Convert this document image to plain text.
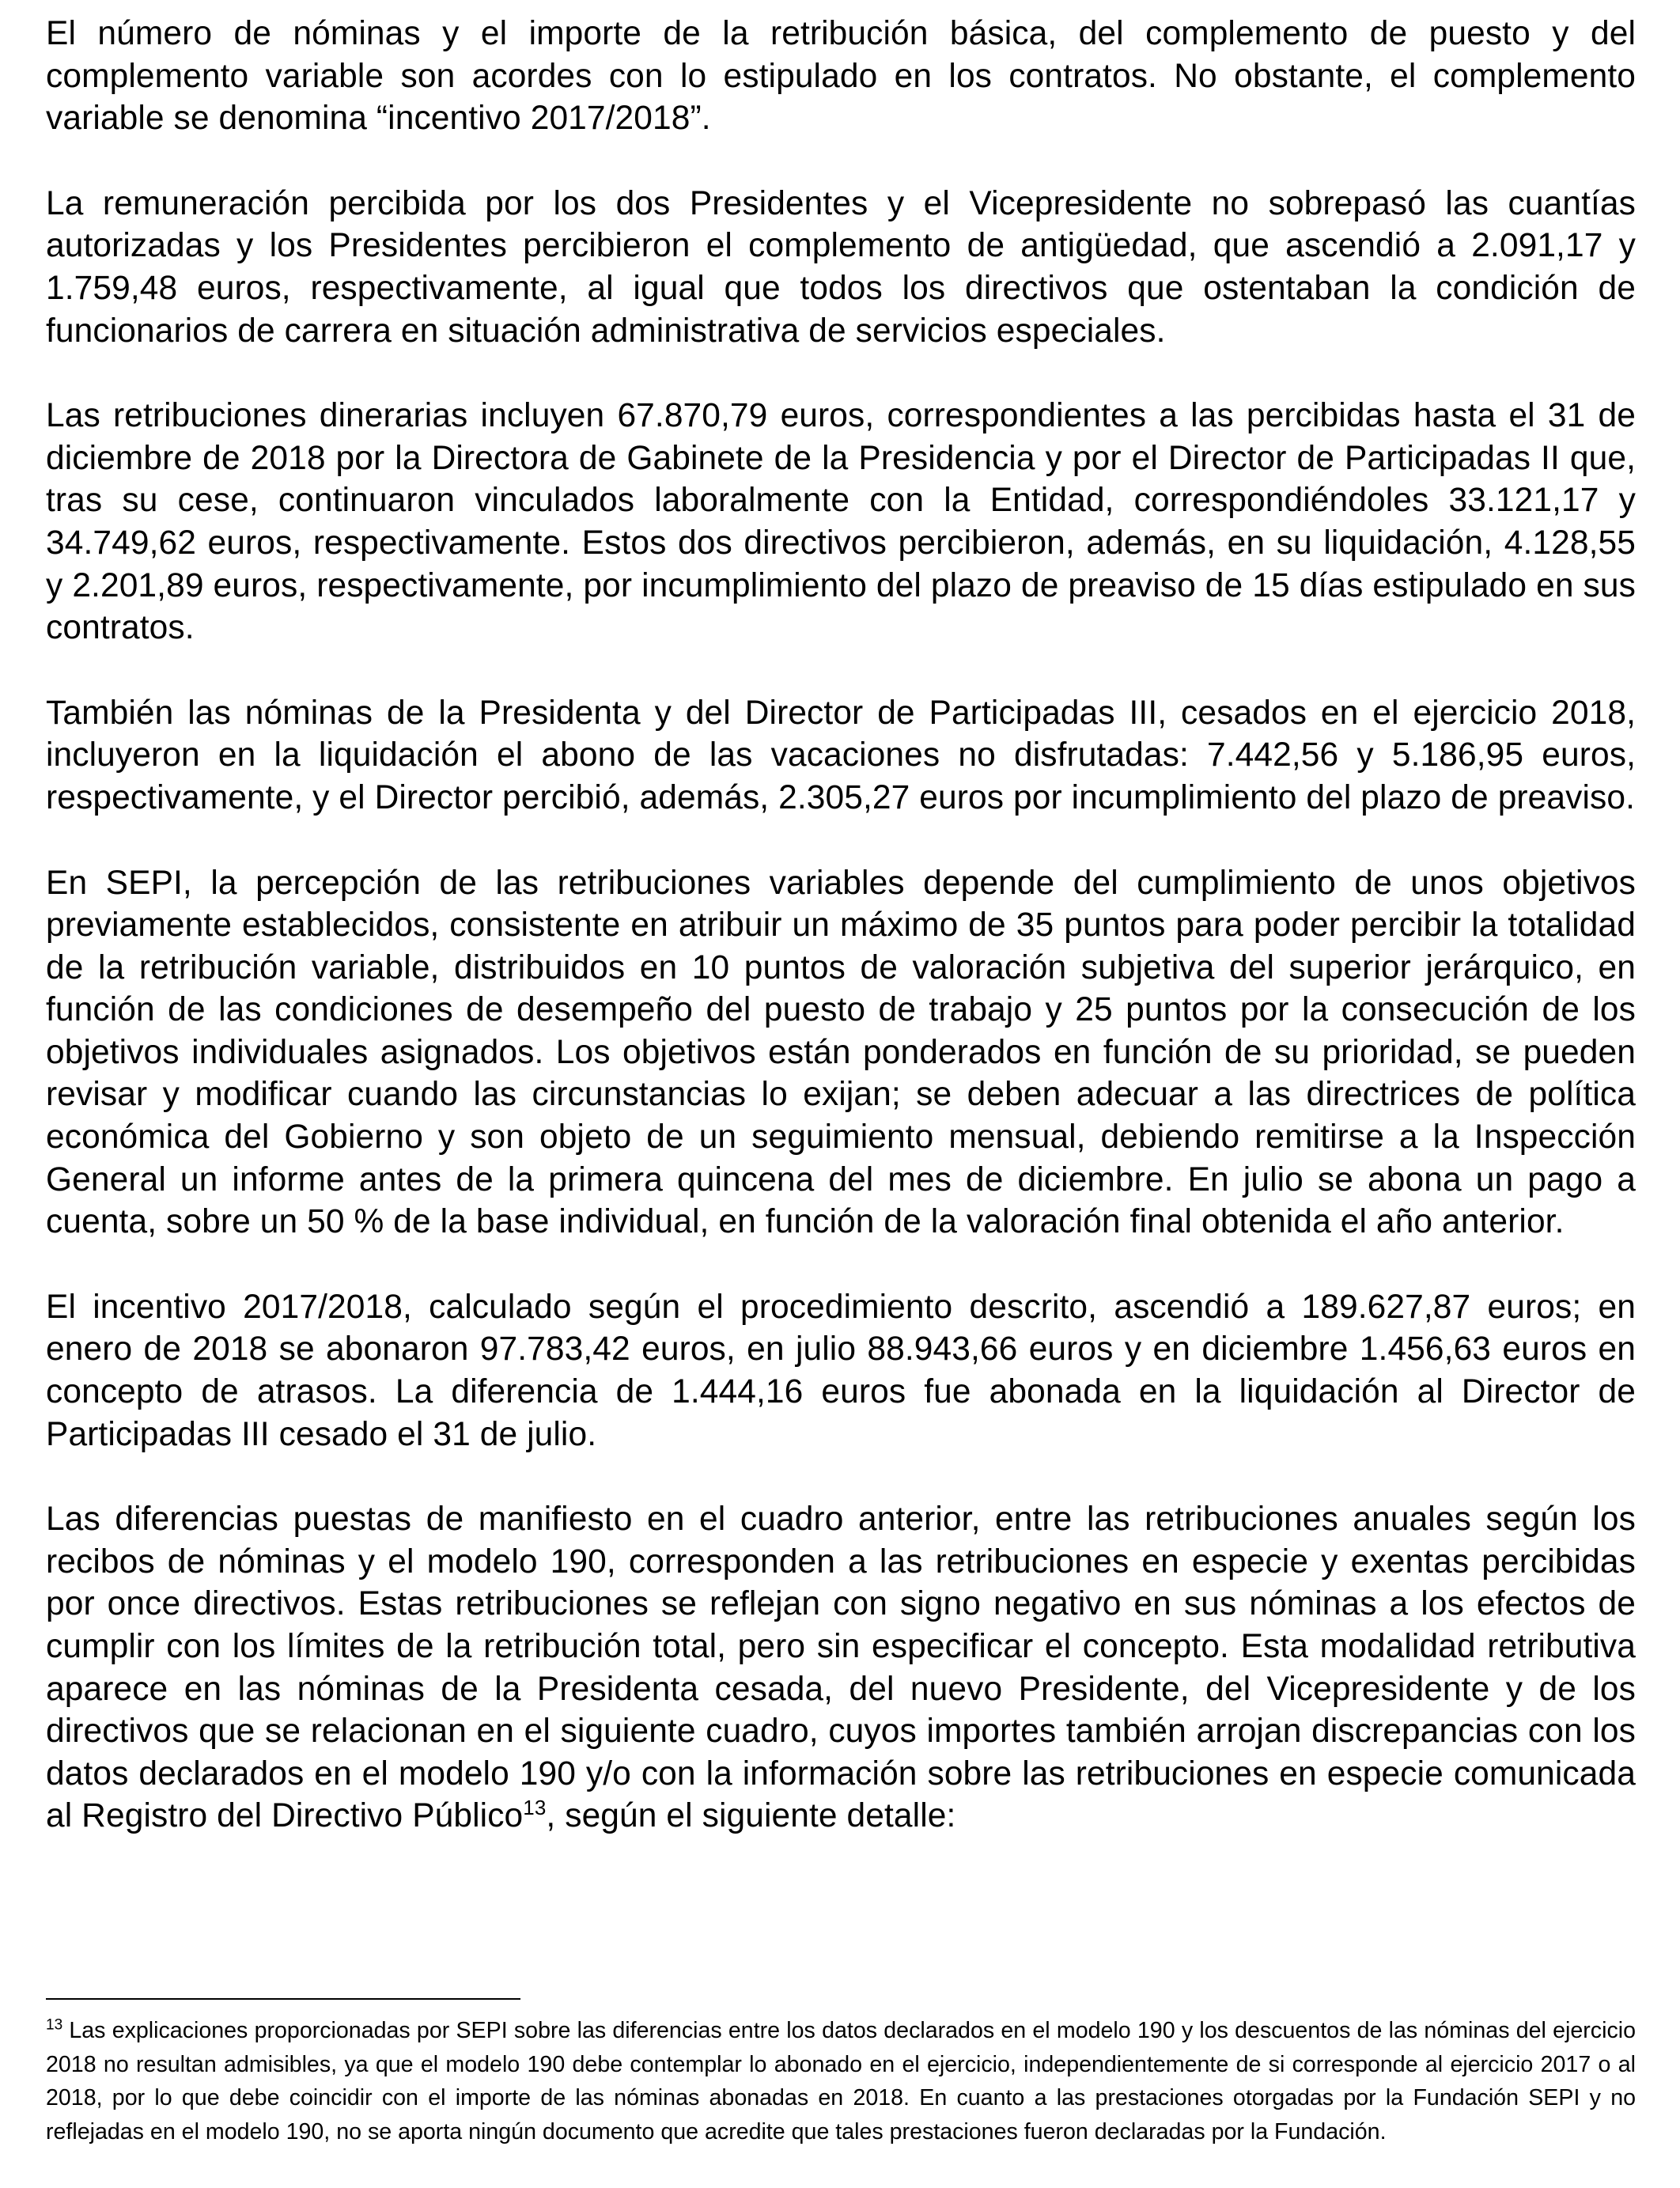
El número de nóminas y el importe de la retribución básica, del complemento de puesto y del complemento variable son acordes con lo estipulado en los contratos. No obstante, el complemento variable se denomina “incentivo 2017/2018”.

La remuneración percibida por los dos Presidentes y el Vicepresidente no sobrepasó las cuantías autorizadas y los Presidentes percibieron el complemento de antigüedad, que ascendió a 2.091,17 y 1.759,48 euros, respectivamente, al igual que todos los directivos que ostentaban la condición de funcionarios de carrera en situación administrativa de servicios especiales.

Las retribuciones dinerarias incluyen 67.870,79 euros, correspondientes a las percibidas hasta el 31 de diciembre de 2018 por la Directora de Gabinete de la Presidencia y por el Director de Participadas II que, tras su cese, continuaron vinculados laboralmente con la Entidad, correspondiéndoles 33.121,17 y 34.749,62 euros, respectivamente. Estos dos directivos percibieron, además, en su liquidación, 4.128,55 y 2.201,89 euros, respectivamente, por incumplimiento del plazo de preaviso de 15 días estipulado en sus contratos.

También las nóminas de la Presidenta y del Director de Participadas III, cesados en el ejercicio 2018, incluyeron en la liquidación el abono de las vacaciones no disfrutadas: 7.442,56 y 5.186,95 euros, respectivamente, y el Director percibió, además, 2.305,27 euros por incumplimiento del plazo de preaviso.

En SEPI, la percepción de las retribuciones variables depende del cumplimiento de unos objetivos previamente establecidos, consistente en atribuir un máximo de 35 puntos para poder percibir la totalidad de la retribución variable, distribuidos en 10 puntos de valoración subjetiva del superior jerárquico, en función de las condiciones de desempeño del puesto de trabajo y 25 puntos por la consecución de los objetivos individuales asignados. Los objetivos están ponderados en función de su prioridad, se pueden revisar y modificar cuando las circunstancias lo exijan; se deben adecuar a las directrices de política económica del Gobierno y son objeto de un seguimiento mensual, debiendo remitirse a la Inspección General un informe antes de la primera quincena del mes de diciembre. En julio se abona un pago a cuenta, sobre un 50 % de la base individual, en función de la valoración final obtenida el año anterior.

El incentivo 2017/2018, calculado según el procedimiento descrito, ascendió a 189.627,87 euros; en enero de 2018 se abonaron 97.783,42 euros, en julio 88.943,66 euros y en diciembre 1.456,63 euros en concepto de atrasos. La diferencia de 1.444,16 euros fue abonada en la liquidación al Director de Participadas III cesado el 31 de julio.

Las diferencias puestas de manifiesto en el cuadro anterior, entre las retribuciones anuales según los recibos de nóminas y el modelo 190, corresponden a las retribuciones en especie y exentas percibidas por once directivos. Estas retribuciones se reflejan con signo negativo en sus nóminas a los efectos de cumplir con los límites de la retribución total, pero sin especificar el concepto. Esta modalidad retributiva aparece en las nóminas de la Presidenta cesada, del nuevo Presidente, del Vicepresidente y de los directivos que se relacionan en el siguiente cuadro, cuyos importes también arrojan discrepancias con los datos declarados en el modelo 190 y/o con la información sobre las retribuciones en especie comunicada al Registro del Directivo Público$^{13}$, según el siguiente detalle:

$^{13}$ Las explicaciones proporcionadas por SEPI sobre las diferencias entre los datos declarados en el modelo 190 y los descuentos de las nóminas del ejercicio 2018 no resultan admisibles, ya que el modelo 190 debe contemplar lo abonado en el ejercicio, independientemente de si corresponde al ejercicio 2017 o al 2018, por lo que debe coincidir con el importe de las nóminas abonadas en 2018. En cuanto a las prestaciones otorgadas por la Fundación SEPI y no reflejadas en el modelo 190, no se aporta ningún documento que acredite que tales prestaciones fueron declaradas por la Fundación.
